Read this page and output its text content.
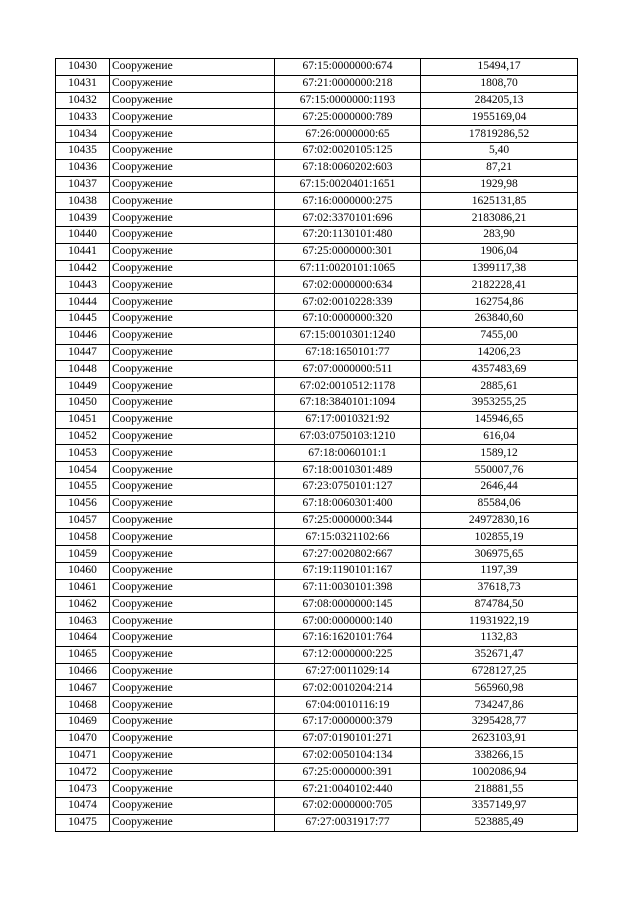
10430	Сооружение	67:15:0000000:674	15494,17
10431	Сооружение	67:21:0000000:218	1808,70
10432	Сооружение	67:15:0000000:1193	284205,13
10433	Сооружение	67:25:0000000:789	1955169,04
10434	Сооружение	67:26:0000000:65	17819286,52
10435	Сооружение	67:02:0020105:125	5,40
10436	Сооружение	67:18:0060202:603	87,21
10437	Сооружение	67:15:0020401:1651	1929,98
10438	Сооружение	67:16:0000000:275	1625131,85
10439	Сооружение	67:02:3370101:696	2183086,21
10440	Сооружение	67:20:1130101:480	283,90
10441	Сооружение	67:25:0000000:301	1906,04
10442	Сооружение	67:11:0020101:1065	1399117,38
10443	Сооружение	67:02:0000000:634	2182228,41
10444	Сооружение	67:02:0010228:339	162754,86
10445	Сооружение	67:10:0000000:320	263840,60
10446	Сооружение	67:15:0010301:1240	7455,00
10447	Сооружение	67:18:1650101:77	14206,23
10448	Сооружение	67:07:0000000:511	4357483,69
10449	Сооружение	67:02:0010512:1178	2885,61
10450	Сооружение	67:18:3840101:1094	3953255,25
10451	Сооружение	67:17:0010321:92	145946,65
10452	Сооружение	67:03:0750103:1210	616,04
10453	Сооружение	67:18:0060101:1	1589,12
10454	Сооружение	67:18:0010301:489	550007,76
10455	Сооружение	67:23:0750101:127	2646,44
10456	Сооружение	67:18:0060301:400	85584,06
10457	Сооружение	67:25:0000000:344	24972830,16
10458	Сооружение	67:15:0321102:66	102855,19
10459	Сооружение	67:27:0020802:667	306975,65
10460	Сооружение	67:19:1190101:167	1197,39
10461	Сооружение	67:11:0030101:398	37618,73
10462	Сооружение	67:08:0000000:145	874784,50
10463	Сооружение	67:00:0000000:140	11931922,19
10464	Сооружение	67:16:1620101:764	1132,83
10465	Сооружение	67:12:0000000:225	352671,47
10466	Сооружение	67:27:0011029:14	6728127,25
10467	Сооружение	67:02:0010204:214	565960,98
10468	Сооружение	67:04:0010116:19	734247,86
10469	Сооружение	67:17:0000000:379	3295428,77
10470	Сооружение	67:07:0190101:271	2623103,91
10471	Сооружение	67:02:0050104:134	338266,15
10472	Сооружение	67:25:0000000:391	1002086,94
10473	Сооружение	67:21:0040102:440	218881,55
10474	Сооружение	67:02:0000000:705	3357149,97
10475	Сооружение	67:27:0031917:77	523885,49
